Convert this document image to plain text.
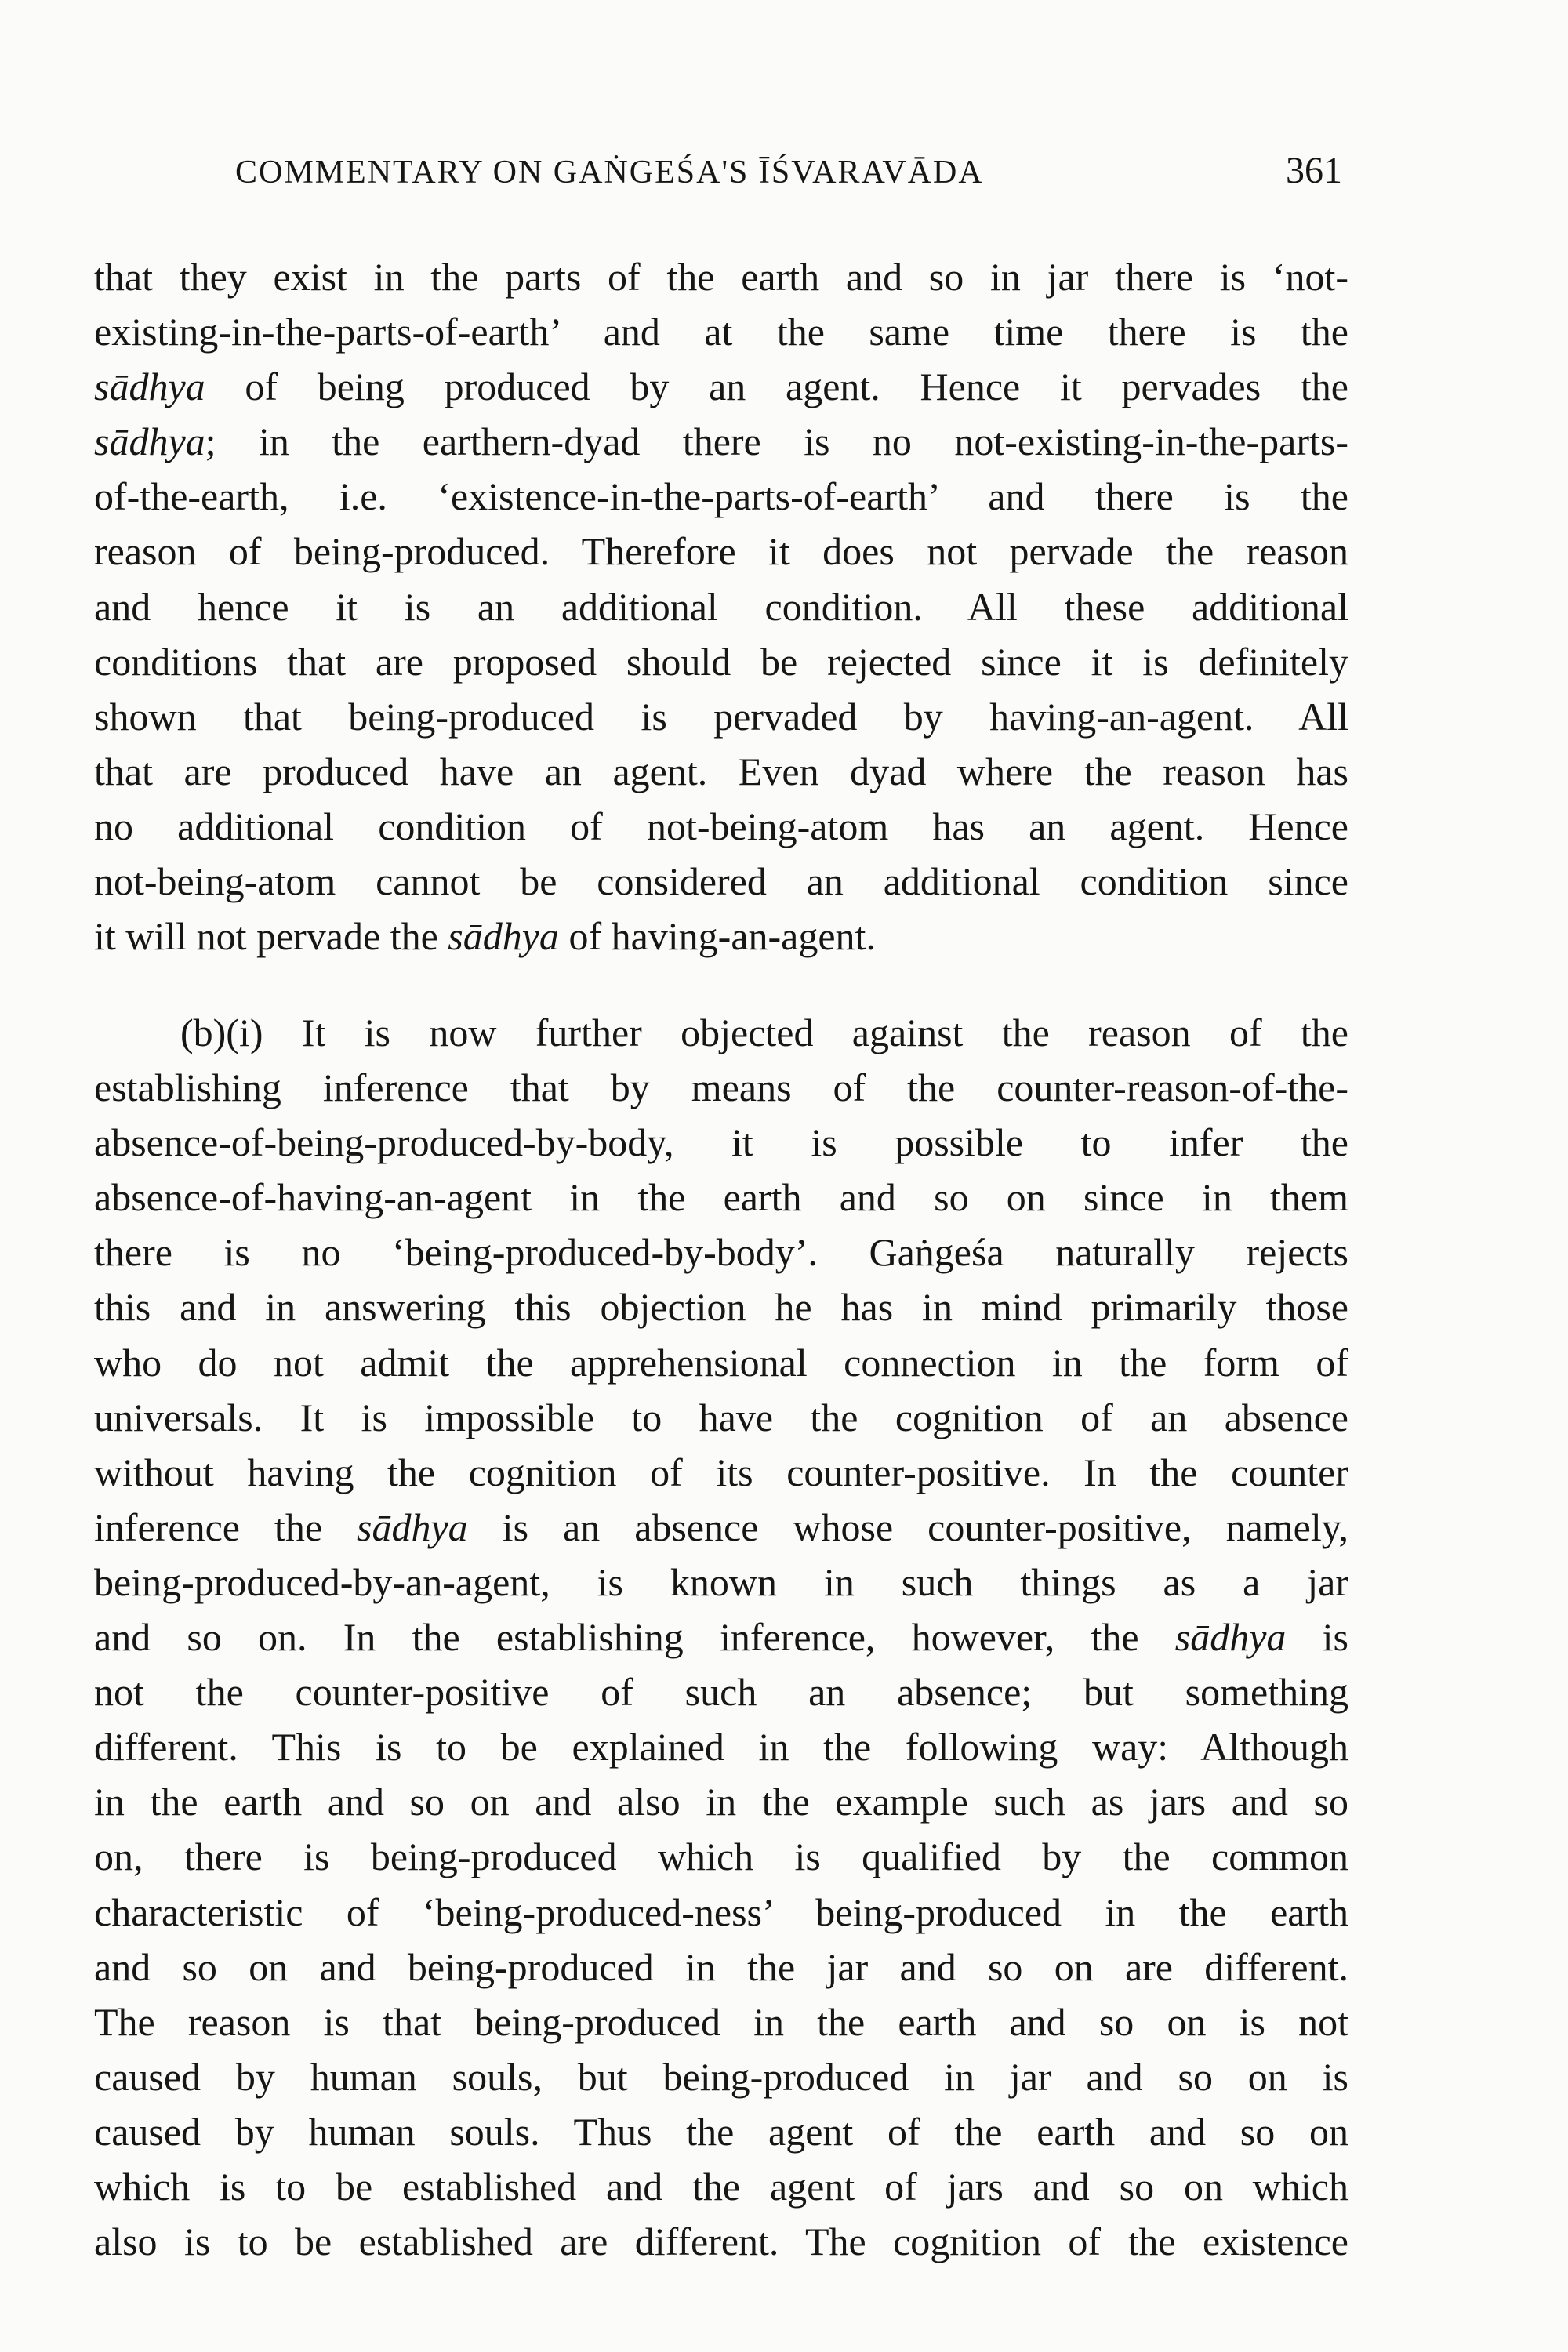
COMMENTARY ON GAṄGEŚA'S ĪŚVARAVĀDA	361
that they exist in the parts of the earth and so in jar there is ‘not-
existing-in-the-parts-of-earth’ and at the same time there is the
sādhya of being produced by an agent. Hence it pervades the
sādhya; in the earthern-dyad there is no not-existing-in-the-parts-
of-the-earth, i.e. ‘existence-in-the-parts-of-earth’ and there is the
reason of being-produced. Therefore it does not pervade the reason
and hence it is an additional condition. All these additional
conditions that are proposed should be rejected since it is definitely
shown that being-produced is pervaded by having-an-agent. All
that are produced have an agent. Even dyad where the reason has
no additional condition of not-being-atom has an agent. Hence
not-being-atom cannot be considered an additional condition since
it will not pervade the sādhya of having-an-agent.
(b)(i) It is now further objected against the reason of the
establishing inference that by means of the counter-reason-of-the-
absence-of-being-produced-by-body, it is possible to infer the
absence-of-having-an-agent in the earth and so on since in them
there is no ‘being-produced-by-body’. Gaṅgeśa naturally rejects
this and in answering this objection he has in mind primarily those
who do not admit the apprehensional connection in the form of
universals. It is impossible to have the cognition of an absence
without having the cognition of its counter-positive. In the counter
inference the sādhya is an absence whose counter-positive, namely,
being-produced-by-an-agent, is known in such things as a jar
and so on. In the establishing inference, however, the sādhya is
not the counter-positive of such an absence; but something
different. This is to be explained in the following way: Although
in the earth and so on and also in the example such as jars and so
on, there is being-produced which is qualified by the common
characteristic of ‘being-produced-ness’ being-produced in the earth
and so on and being-produced in the jar and so on are different.
The reason is that being-produced in the earth and so on is not
caused by human souls, but being-produced in jar and so on is
caused by human souls. Thus the agent of the earth and so on
which is to be established and the agent of jars and so on which
also is to be established are different. The cognition of the existence
